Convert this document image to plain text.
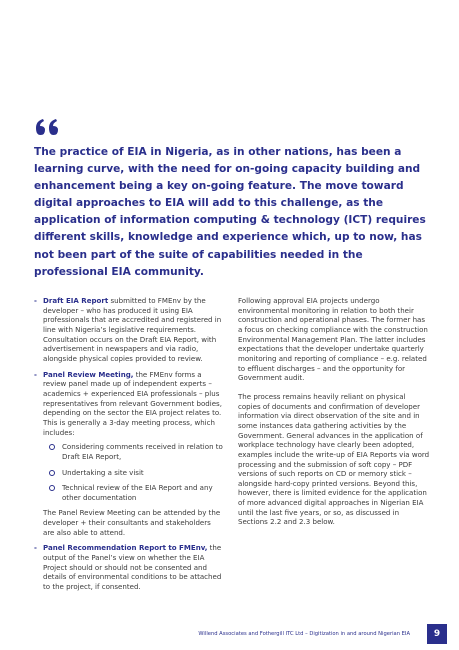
The practice of EIA in Nigeria, as in other nations, has been a learning curve, with the need for on-going capacity building and enhancement being a key on-going feature. The move toward digital approaches to EIA will add to this challenge, as the application of information computing & technology (ICT) requires different skills, knowledge and experience which, up to now, has not been part of the suite of capabilities needed in the professional EIA community.

- Draft EIA Report submitted to FMEnv by the developer – who has produced it using EIA professionals that are accredited and registered in line with Nigeria’s legislative requirements. Consultation occurs on the Draft EIA Report, with advertisement in newspapers and via radio, alongside physical copies provided to review.
- Panel Review Meeting, the FMEnv forms a review panel made up of independent experts – academics + experienced EIA professionals – plus representatives from relevant Government bodies, depending on the sector the EIA project relates to. This is generally a 3-day meeting process, which includes:
Considering comments received in relation to Draft EIA Report,
Undertaking a site visit
Technical review of the EIA Report and any other documentation

The Panel Review Meeting can be attended by the developer + their consultants and stakeholders are also able to attend.

- Panel Recommendation Report to FMEnv, the output of the Panel’s view on whether the EIA Project should or should not be consented and details of environmental conditions to be attached to the project, if consented.

Following approval EIA projects undergo environmental monitoring in relation to both their construction and operational phases. The former has a focus on checking compliance with the construction Environmental Management Plan. The latter includes expectations that the developer undertake quarterly monitoring and reporting of compliance – e.g. related to effluent discharges – and the opportunity for Government audit.

The process remains heavily reliant on physical copies of documents and confirmation of developer information via direct observation of the site and in some instances data gathering activities by the Government. General advances in the application of workplace technology have clearly been adopted, examples include the write-up of EIA Reports via word processing and the submission of soft copy – PDF versions of such reports on CD or memory stick – alongside hard-copy printed versions. Beyond this, however, there is limited evidence for the application of more advanced digital approaches in Nigerian EIA until the last five years, or so, as discussed in Sections 2.2 and 2.3 below.

Willend Associates and Fothergill ITC Ltd – Digitization in and around Nigerian EIA	9
